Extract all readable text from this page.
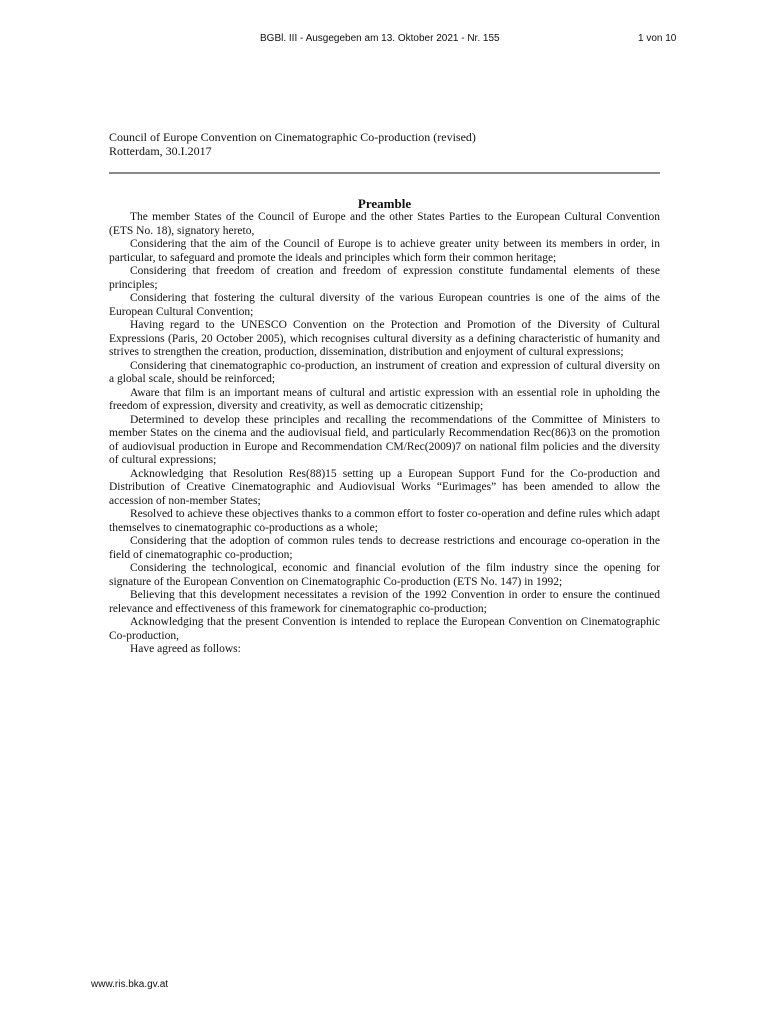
BGBl. III - Ausgegeben am 13. Oktober 2021 - Nr. 155	1 von 10
Council of Europe Convention on Cinematographic Co-production (revised)
Rotterdam, 30.I.2017
Preamble

The member States of the Council of Europe and the other States Parties to the European Cultural Convention (ETS No. 18), signatory hereto,

Considering that the aim of the Council of Europe is to achieve greater unity between its members in order, in particular, to safeguard and promote the ideals and principles which form their common heritage;

Considering that freedom of creation and freedom of expression constitute fundamental elements of these principles;

Considering that fostering the cultural diversity of the various European countries is one of the aims of the European Cultural Convention;

Having regard to the UNESCO Convention on the Protection and Promotion of the Diversity of Cultural Expressions (Paris, 20 October 2005), which recognises cultural diversity as a defining characteristic of humanity and strives to strengthen the creation, production, dissemination, distribution and enjoyment of cultural expressions;

Considering that cinematographic co-production, an instrument of creation and expression of cultural diversity on a global scale, should be reinforced;

Aware that film is an important means of cultural and artistic expression with an essential role in upholding the freedom of expression, diversity and creativity, as well as democratic citizenship;

Determined to develop these principles and recalling the recommendations of the Committee of Ministers to member States on the cinema and the audiovisual field, and particularly Recommendation Rec(86)3 on the promotion of audiovisual production in Europe and Recommendation CM/Rec(2009)7 on national film policies and the diversity of cultural expressions;

Acknowledging that Resolution Res(88)15 setting up a European Support Fund for the Co-production and Distribution of Creative Cinematographic and Audiovisual Works “Eurimages” has been amended to allow the accession of non-member States;

Resolved to achieve these objectives thanks to a common effort to foster co-operation and define rules which adapt themselves to cinematographic co-productions as a whole;

Considering that the adoption of common rules tends to decrease restrictions and encourage co-operation in the field of cinematographic co-production;

Considering the technological, economic and financial evolution of the film industry since the opening for signature of the European Convention on Cinematographic Co-production (ETS No. 147) in 1992;

Believing that this development necessitates a revision of the 1992 Convention in order to ensure the continued relevance and effectiveness of this framework for cinematographic co-production;

Acknowledging that the present Convention is intended to replace the European Convention on Cinematographic Co-production,

Have agreed as follows:

www.ris.bka.gv.at
